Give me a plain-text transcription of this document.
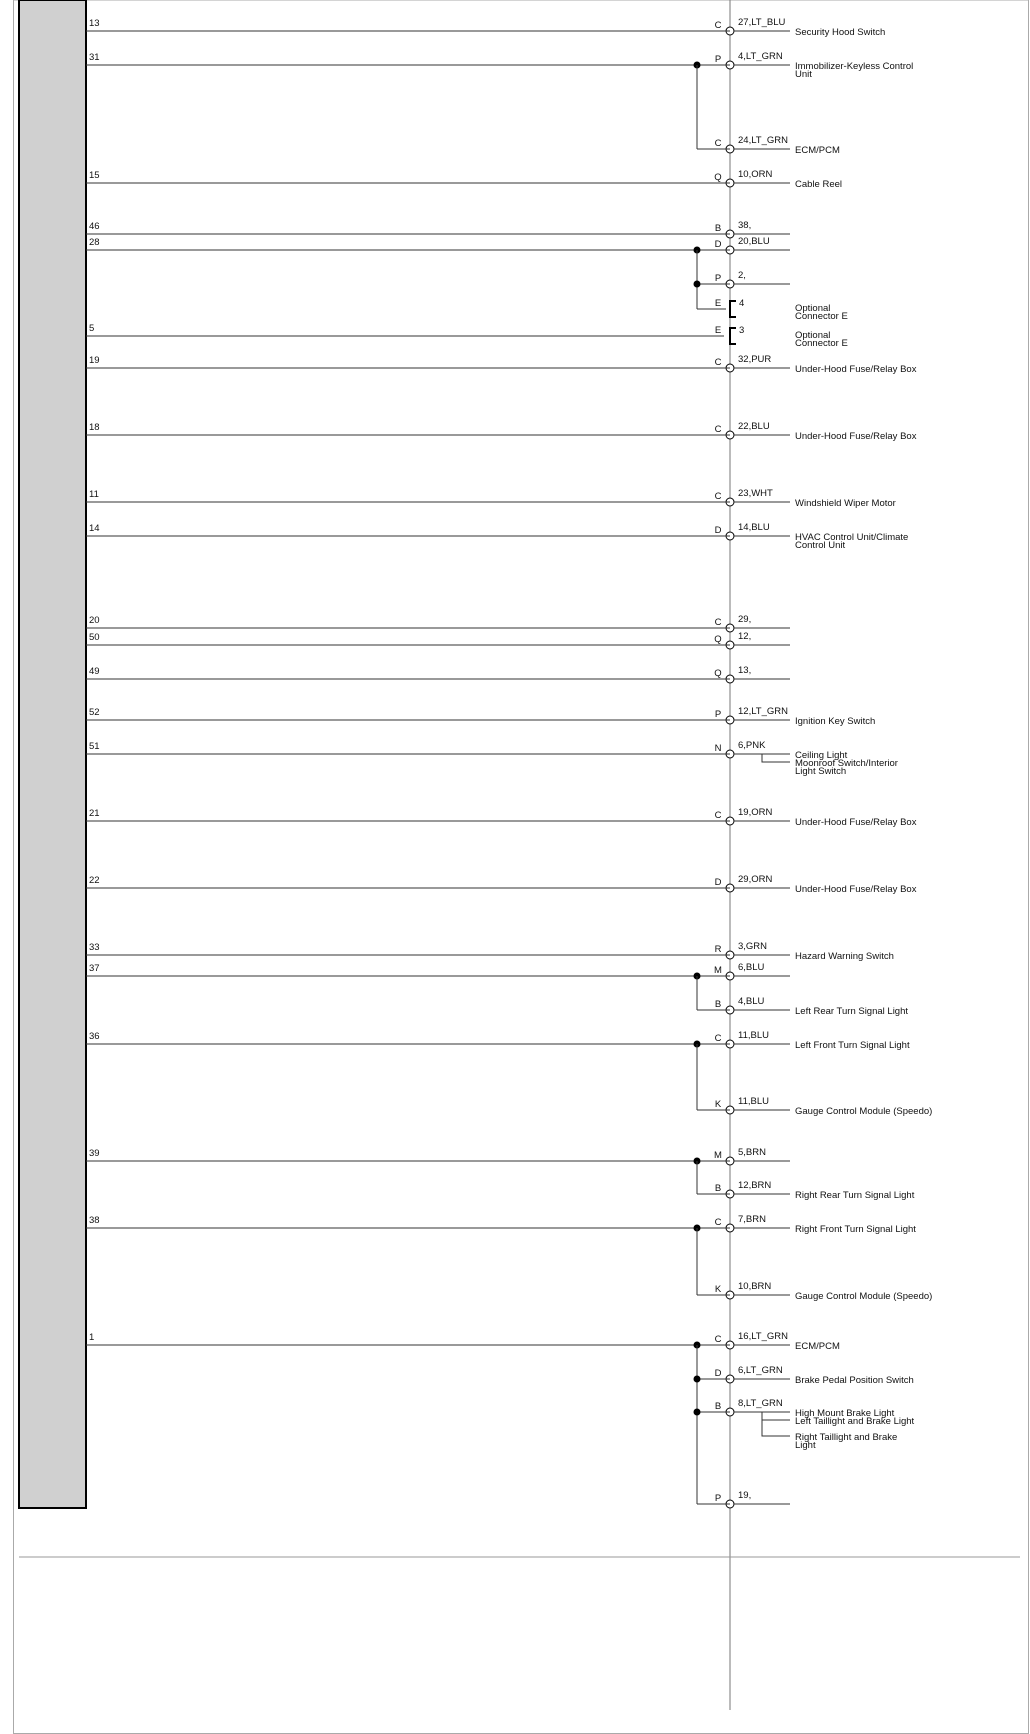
13	C 27,LT_BLU
Security Hood Switch
31	P 4,LT_GRN
Immobilizer-Keyless Control
Unit
C 24,LT_GRN
ECM/PCM
15	Q 10,ORN
Cable Reel
46	B 38,
28	D 20,BLU
P 2,
E 4	Optional
Connector E
5	E 3	Optional
Connector E
19	C 32,PUR
Under-Hood Fuse/Relay Box
18	C 22,BLU
Under-Hood Fuse/Relay Box
11	C 23,WHT
Windshield Wiper Motor
14	D 14,BLU
HVAC Control Unit/Climate
Control Unit
20	C 29,
50	Q 12,
49	Q 13,
52	P 12,LT_GRN
Ignition Key Switch
51	N 6,PNK
Ceiling Light
Moonroof Switch/Interior
Light Switch
21	C 19,ORN
Under-Hood Fuse/Relay Box
22	D 29,ORN
Under-Hood Fuse/Relay Box
33	R 3,GRN
Hazard Warning Switch
37	M 6,BLU
B 4,BLU
Left Rear Turn Signal Light
36	C 11,BLU
Left Front Turn Signal Light
K 11,BLU
Gauge Control Module (Speedo)
39	M 5,BRN
B 12,BRN
Right Rear Turn Signal Light
38	C 7,BRN
Right Front Turn Signal Light
K 10,BRN
Gauge Control Module (Speedo)
1	C 16,LT_GRN
ECM/PCM
D 6,LT_GRN
Brake Pedal Position Switch
B 8,LT_GRN
High Mount Brake Light
Left Taillight and Brake Light
Right Taillight and Brake
Light
P 19,
